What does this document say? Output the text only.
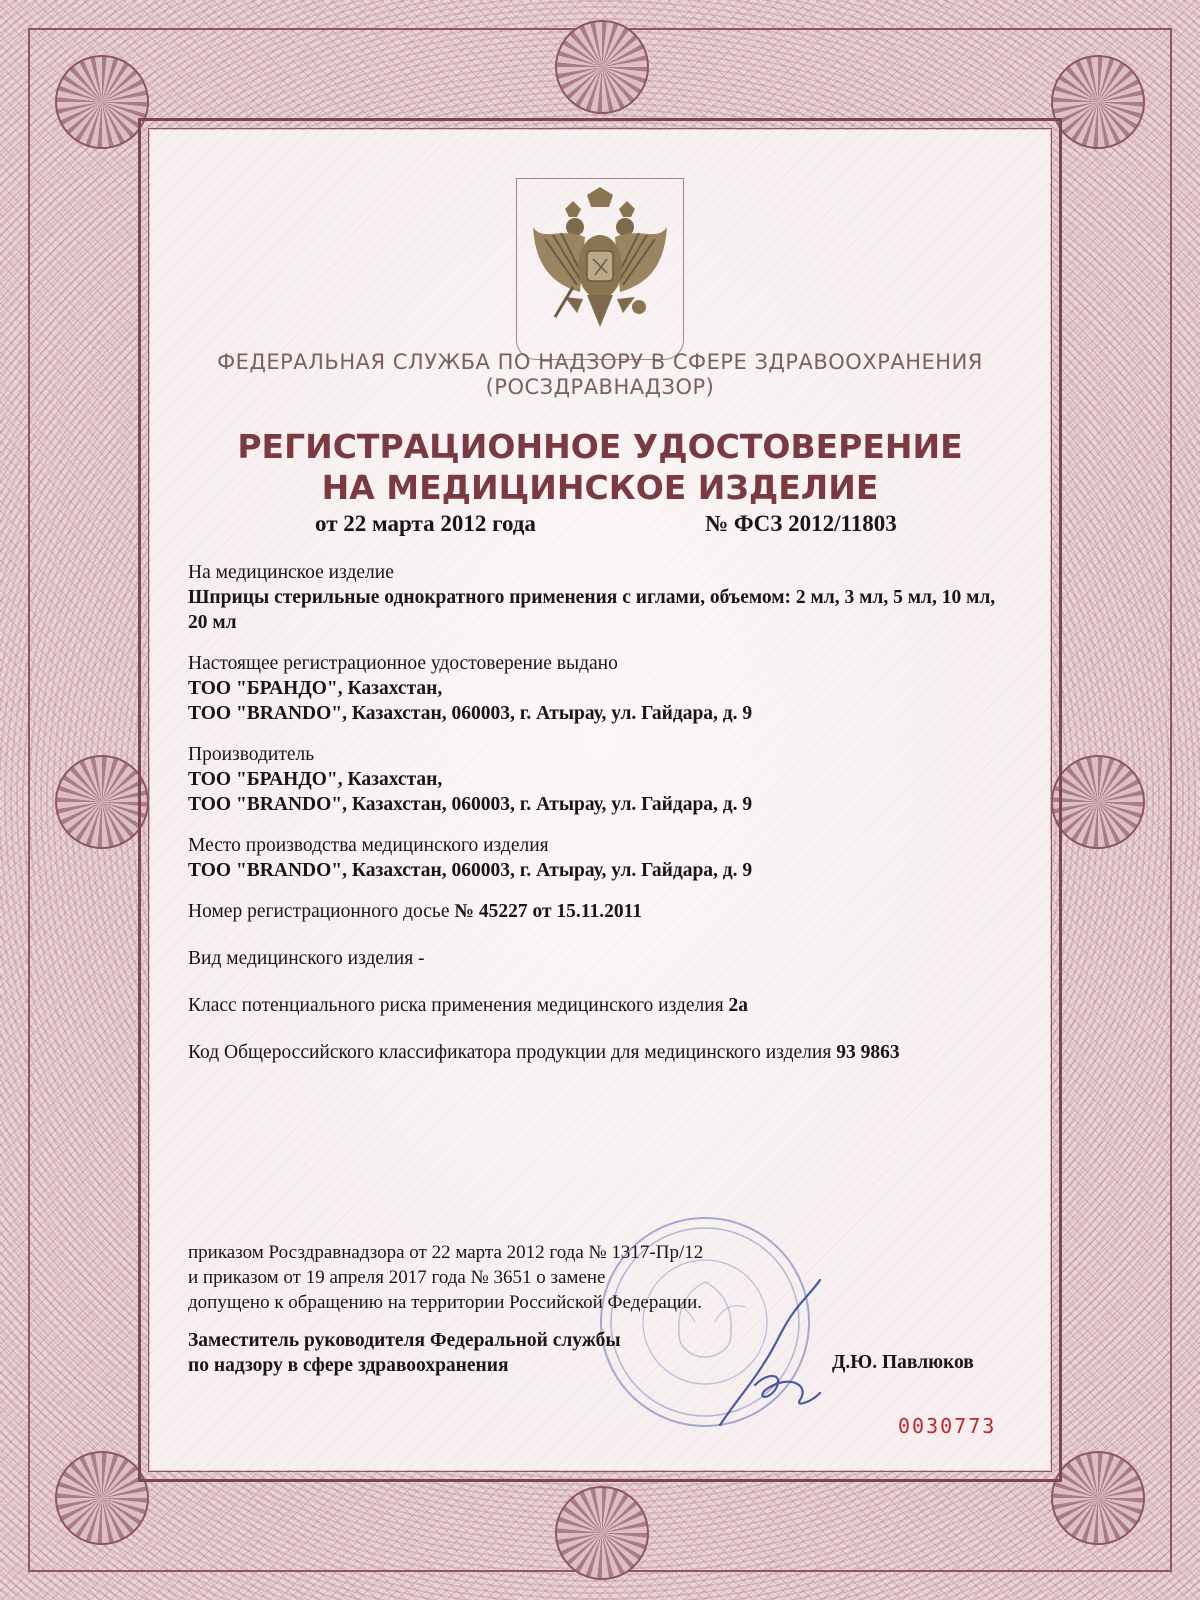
ФЕДЕРАЛЬНАЯ СЛУЖБА ПО НАДЗОРУ В СФЕРЕ ЗДРАВООХРАНЕНИЯ
(РОСЗДРАВНАДЗОР)
РЕГИСТРАЦИОННОЕ УДОСТОВЕРЕНИЕ
НА МЕДИЦИНСКОЕ ИЗДЕЛИЕ
от 22 марта 2012 года	№ ФСЗ 2012/11803
На медицинское изделие
Шприцы стерильные однократного применения с иглами, объемом: 2 мл, 3 мл, 5 мл, 10 мл, 20 мл
Настоящее регистрационное удостоверение выдано
ТОО "БРАНДО", Казахстан,
ТОО "BRANDO", Казахстан, 060003, г. Атырау, ул. Гайдара, д. 9
Производитель
ТОО "БРАНДО", Казахстан,
ТОО "BRANDO", Казахстан, 060003, г. Атырау, ул. Гайдара, д. 9
Место производства медицинского изделия
ТОО "BRANDO", Казахстан, 060003, г. Атырау, ул. Гайдара, д. 9
Номер регистрационного досье № 45227 от 15.11.2011
Вид медицинского изделия -
Класс потенциального риска применения медицинского изделия 2а
Код Общероссийского классификатора продукции для медицинского изделия 93 9863
приказом Росздравнадзора от 22 марта 2012 года № 1317-Пр/12
и приказом от 19 апреля 2017 года № 3651 о замене
допущено к обращению на территории Российской Федерации.
Заместитель руководителя Федеральной службы
по надзору в сфере здравоохранения	Д.Ю. Павлюков
0030773
